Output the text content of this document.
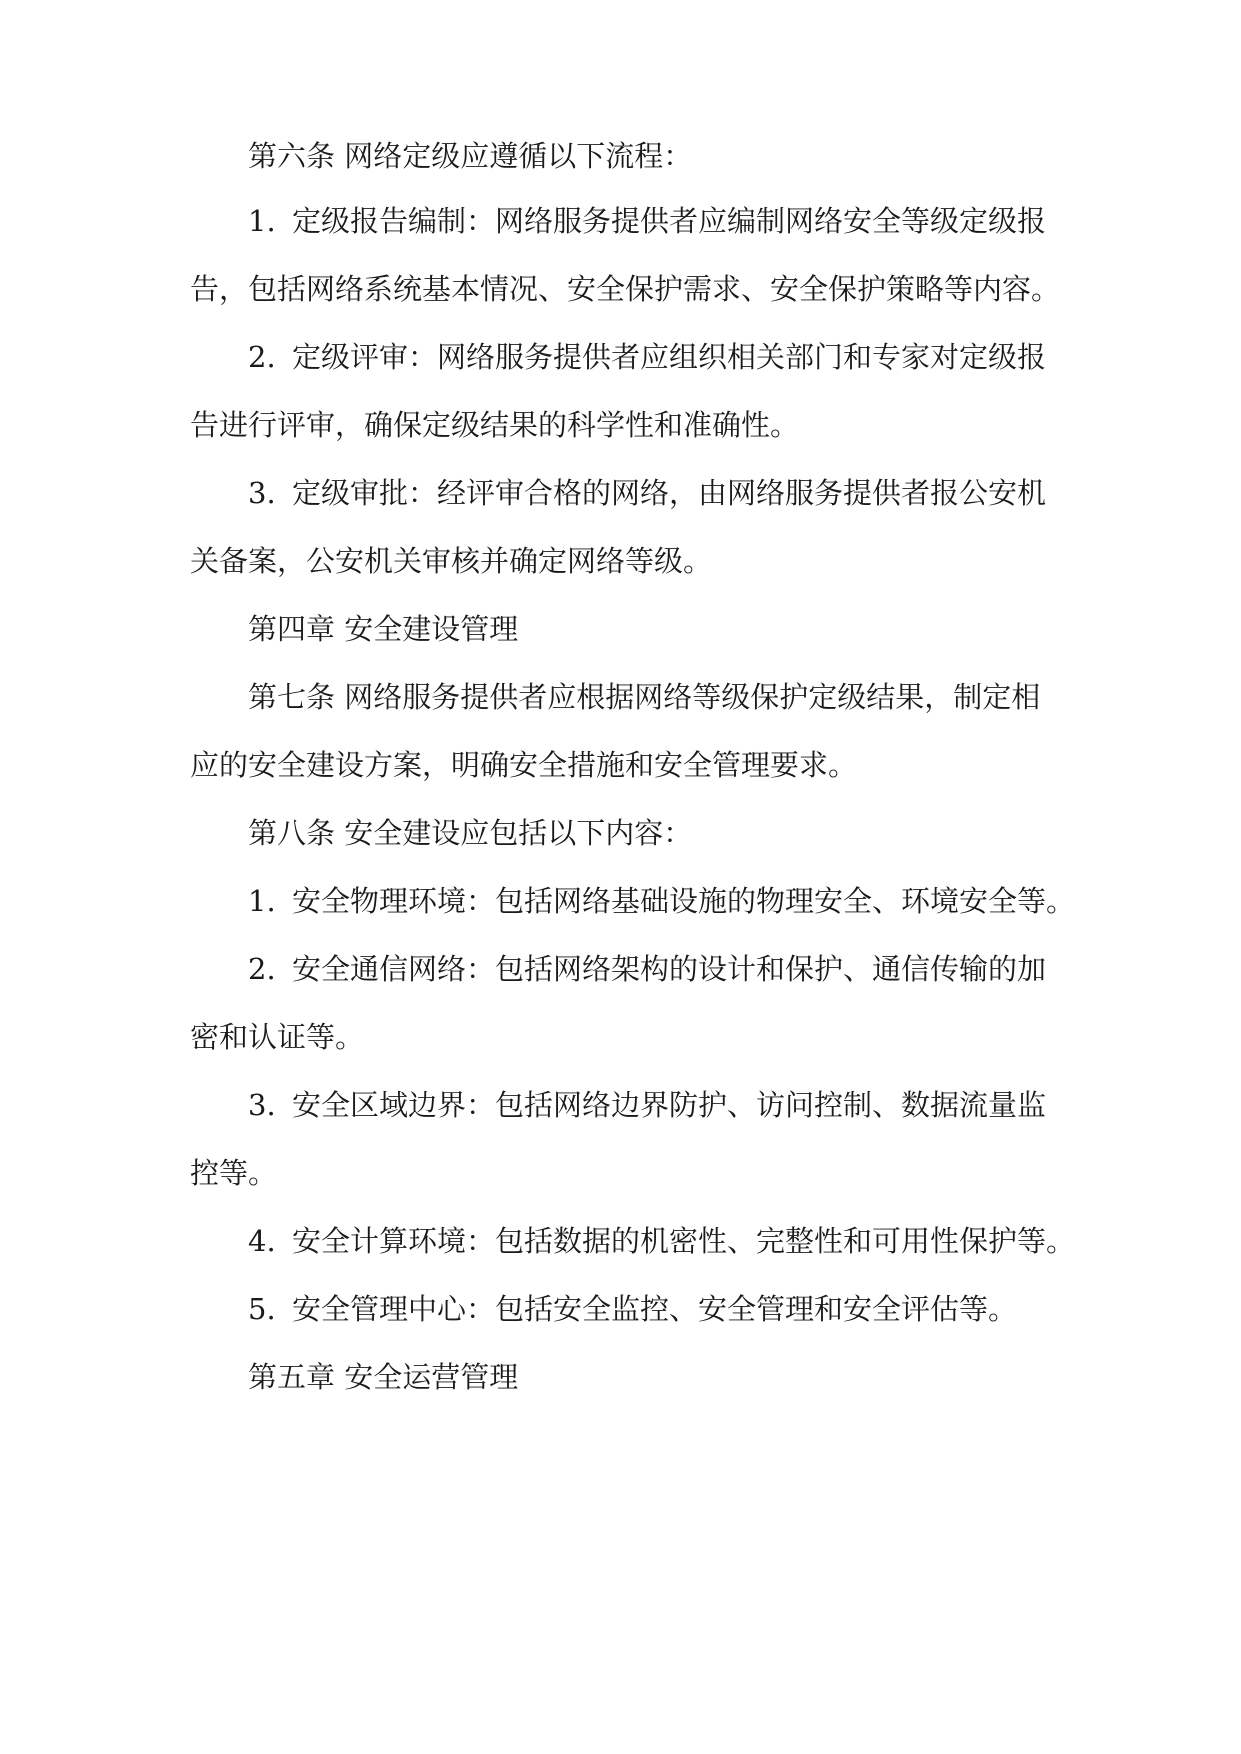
第六条 网络定级应遵循以下流程：
1. 定级报告编制：网络服务提供者应编制网络安全等级定级报
告，包括网络系统基本情况、安全保护需求、安全保护策略等内容。
2. 定级评审：网络服务提供者应组织相关部门和专家对定级报
告进行评审，确保定级结果的科学性和准确性。
3. 定级审批：经评审合格的网络，由网络服务提供者报公安机
关备案，公安机关审核并确定网络等级。
第四章 安全建设管理
第七条 网络服务提供者应根据网络等级保护定级结果，制定相
应的安全建设方案，明确安全措施和安全管理要求。
第八条 安全建设应包括以下内容：
1. 安全物理环境：包括网络基础设施的物理安全、环境安全等。
2. 安全通信网络：包括网络架构的设计和保护、通信传输的加
密和认证等。
3. 安全区域边界：包括网络边界防护、访问控制、数据流量监
控等。
4. 安全计算环境：包括数据的机密性、完整性和可用性保护等。
5. 安全管理中心：包括安全监控、安全管理和安全评估等。
第五章 安全运营管理
